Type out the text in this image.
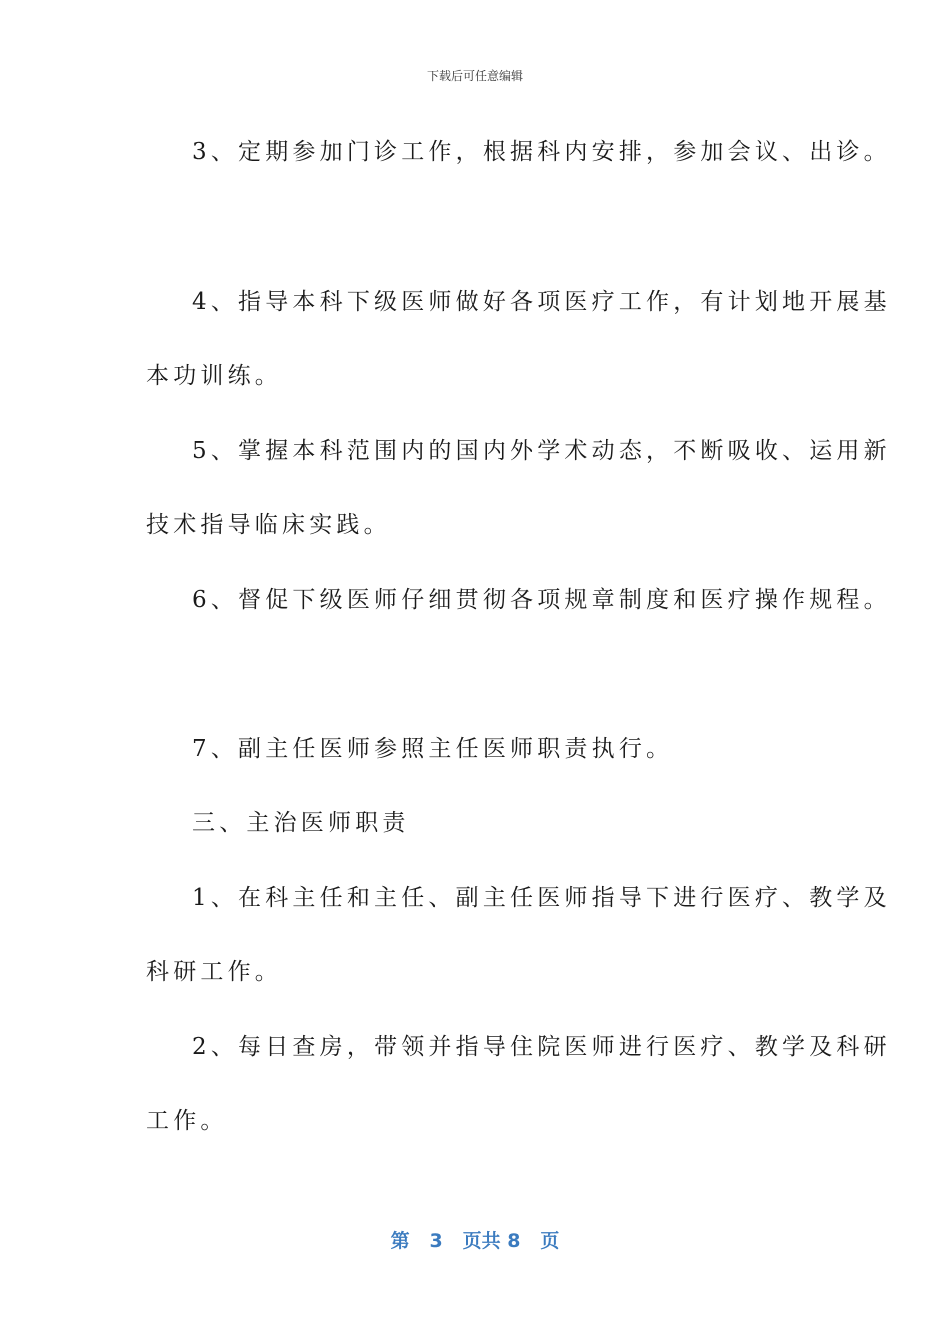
下载后可任意编辑
3、定期参加门诊工作，根据科内安排，参加会议、出诊。
4、指导本科下级医师做好各项医疗工作，有计划地开展基
本功训练。
5、掌握本科范围内的国内外学术动态，不断吸收、运用新
技术指导临床实践。
6、督促下级医师仔细贯彻各项规章制度和医疗操作规程。
7、副主任医师参照主任医师职责执行。
三、主治医师职责
1、在科主任和主任、副主任医师指导下进行医疗、教学及
科研工作。
2、每日查房，带领并指导住院医师进行医疗、教学及科研
工作。
第 3 页共 8 页
